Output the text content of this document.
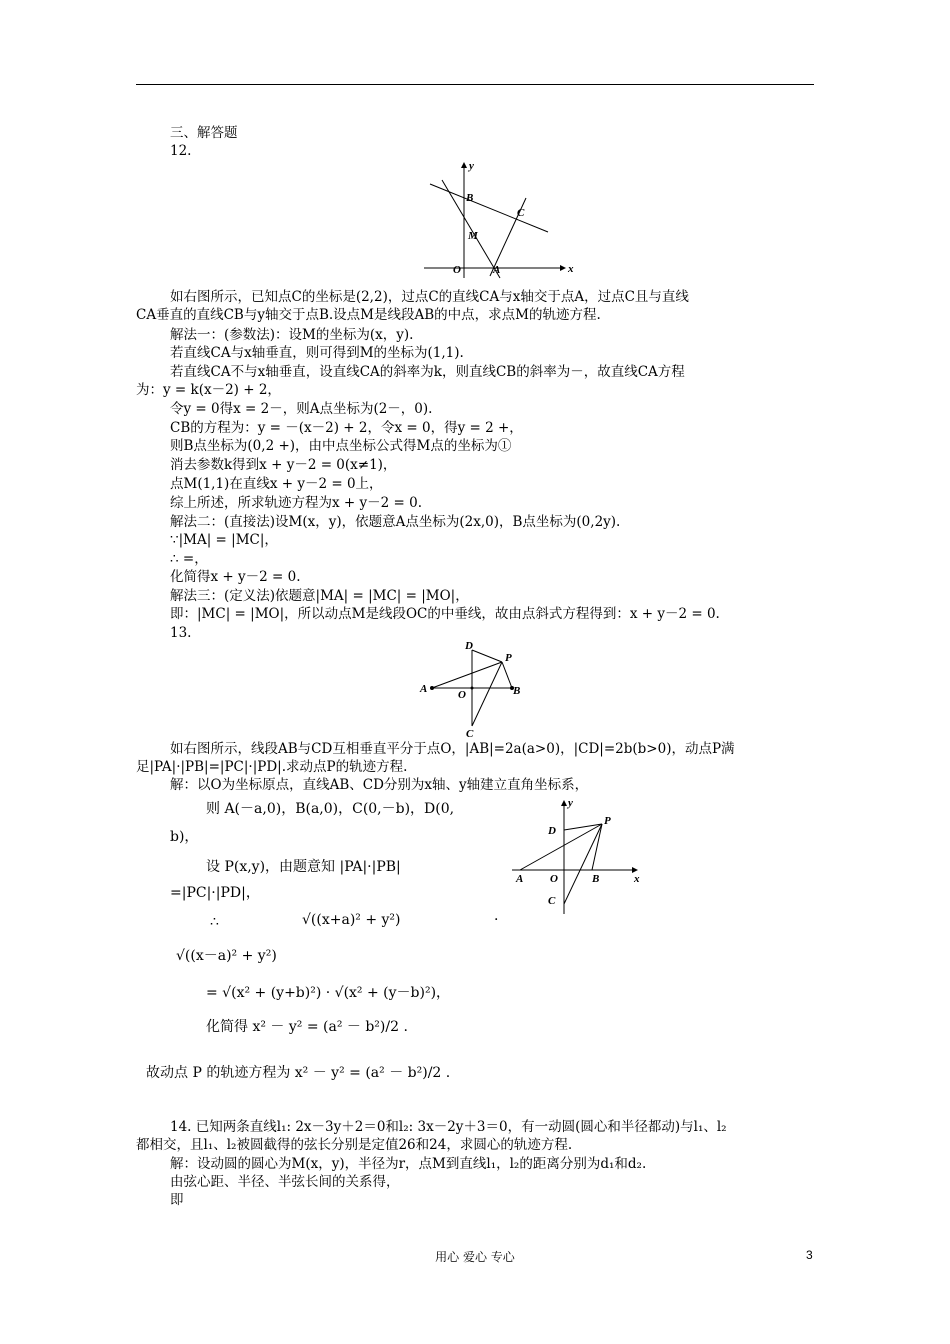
三、解答题
12.
x
y
B
C
M
O	A
如右图所示，已知点C的坐标是(2,2)，过点C的直线CA与x轴交于点A，过点C且与直线
CA垂直的直线CB与y轴交于点B.设点M是线段AB的中点，求点M的轨迹方程.
解法一：(参数法)：设M的坐标为(x，y).
若直线CA与x轴垂直，则可得到M的坐标为(1,1).
若直线CA不与x轴垂直，设直线CA的斜率为k，则直线CB的斜率为－，故直线CA方程
为：y = k(x－2) + 2，
令y = 0得x = 2－，则A点坐标为(2－，0).
CB的方程为：y = －(x－2) + 2，令x = 0，得y = 2 +，
则B点坐标为(0,2 +)，由中点坐标公式得M点的坐标为①
消去参数k得到x + y－2 = 0(x≠1)，
点M(1,1)在直线x + y－2 = 0上，
综上所述，所求轨迹方程为x + y－2 = 0.
解法二：(直接法)设M(x，y)，依题意A点坐标为(2x,0)，B点坐标为(0,2y).
∵|MA| = |MC|，
∴ =，
化简得x + y－2 = 0.
解法三：(定义法)依题意|MA| = |MC| = |MO|，
即：|MC| = |MO|，所以动点M是线段OC的中垂线，故由点斜式方程得到：x + y－2 = 0.
13.
D
P
A	O	B
C
如右图所示，线段AB与CD互相垂直平分于点O，|AB|=2a(a>0)，|CD|=2b(b>0)，动点P满
足|PA|·|PB|=|PC|·|PD|.求动点P的轨迹方程.
解：以O为坐标原点，直线AB、CD分别为x轴、y轴建立直角坐标系，
则 A(－a,0)，B(a,0)，C(0,－b)，D(0,
b)，
设 P(x,y)，由题意知 |PA|·|PB|
=|PC|·|PD|，
∴	√((x+a)² + y²)	·
√((x－a)² + y²)
= √(x² + (y+b)²) · √(x² + (y－b)²)，
化简得 x² － y² = (a² － b²)/2 .
故动点 P 的轨迹方程为 x² － y² = (a² － b²)/2 .
y
x
P
D
A O	B
C
14. 已知两条直线l₁: 2x－3y＋2＝0和l₂: 3x－2y＋3＝0，有一动圆(圆心和半径都动)与l₁、l₂
都相交，且l₁、l₂被圆截得的弦长分别是定值26和24，求圆心的轨迹方程.
解：设动圆的圆心为M(x，y)，半径为r，点M到直线l₁，l₂的距离分别为d₁和d₂.
由弦心距、半径、半弦长间的关系得，
即
用心 爱心 专心	3
